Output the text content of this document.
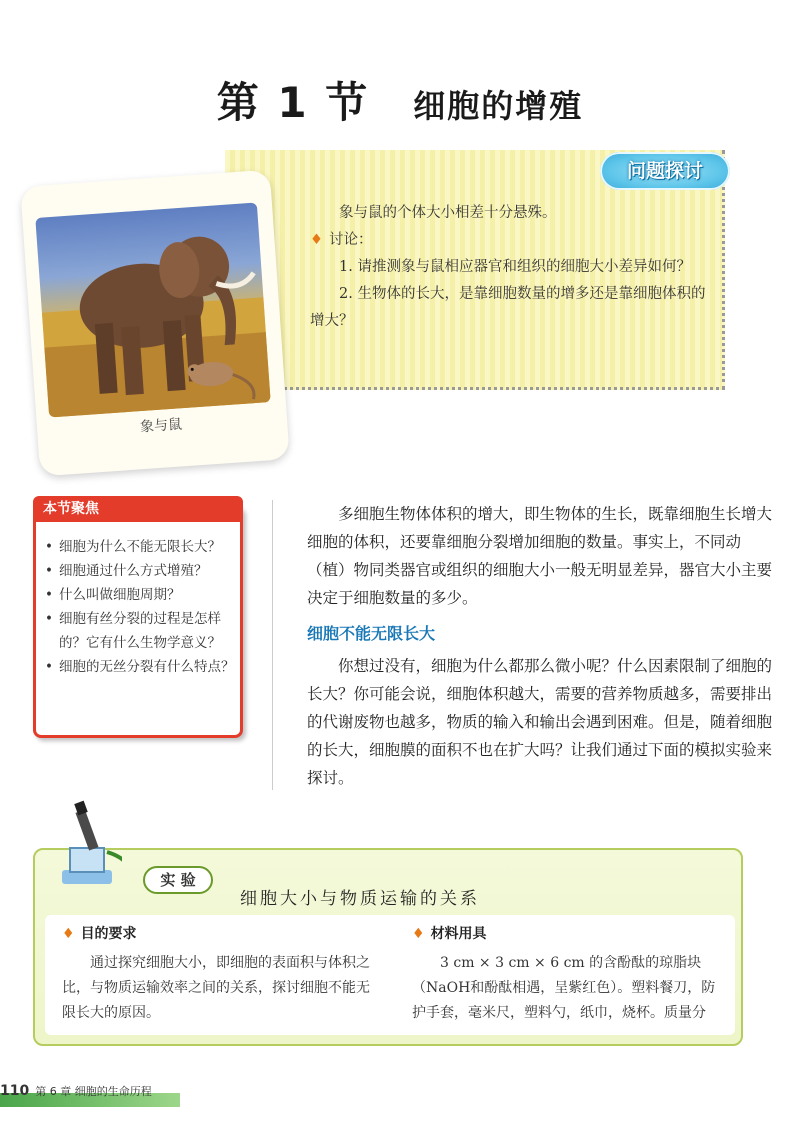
第 1 节 细胞的增殖
问题探讨

象与鼠的个体大小相差十分悬殊。

♦ 讨论：

1. 请推测象与鼠相应器官和组织的细胞大小差异如何？

2. 生物体的长大，是靠细胞数量的增多还是靠细胞体积的增大？

象与鼠
本节聚焦
• 细胞为什么不能无限长大？
• 细胞通过什么方式增殖？
• 什么叫做细胞周期？
• 细胞有丝分裂的过程是怎样的？它有什么生物学意义？
• 细胞的无丝分裂有什么特点？

多细胞生物体体积的增大，即生物体的生长，既靠细胞生长增大细胞的体积，还要靠细胞分裂增加细胞的数量。事实上，不同动（植）物同类器官或组织的细胞大小一般无明显差异，器官大小主要决定于细胞数量的多少。

细胞不能无限长大

你想过没有，细胞为什么都那么微小呢？什么因素限制了细胞的长大？你可能会说，细胞体积越大，需要的营养物质越多，需要排出的代谢废物也越多，物质的输入和输出会遇到困难。但是，随着细胞的长大，细胞膜的面积不也在扩大吗？让我们通过下面的模拟实验来探讨。

实 验
细胞大小与物质运输的关系
♦ 目的要求

通过探究细胞大小，即细胞的表面积与体积之比，与物质运输效率之间的关系，探讨细胞不能无限长大的原因。

♦ 材料用具

3 cm × 3 cm × 6 cm 的含酚酞的琼脂块（NaOH和酚酞相遇，呈紫红色）。塑料餐刀，防护手套，毫米尺，塑料勺，纸巾，烧杯。质量分

110 第 6 章 细胞的生命历程
